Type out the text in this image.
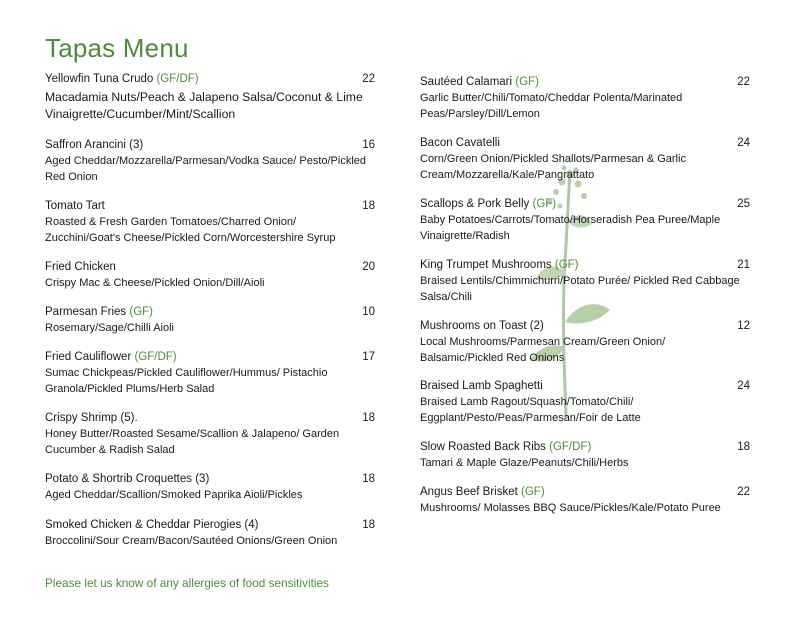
Tapas Menu
Yellowfin Tuna Crudo (GF/DF)	22
Macadamia Nuts/Peach & Jalapeno Salsa/Coconut & Lime Vinaigrette/Cucumber/Mint/Scallion
Saffron Arancini (3)	16
Aged Cheddar/Mozzarella/Parmesan/Vodka Sauce/ Pesto/Pickled Red Onion
Tomato Tart	18
Roasted & Fresh Garden Tomatoes/Charred Onion/ Zucchini/Goat's Cheese/Pickled Corn/Worcestershire Syrup
Fried Chicken	20
Crispy Mac & Cheese/Pickled Onion/Dill/Aioli
Parmesan Fries (GF)	10
Rosemary/Sage/Chilli Aioli
Fried Cauliflower (GF/DF)	17
Sumac Chickpeas/Pickled Cauliflower/Hummus/ Pistachio Granola/Pickled Plums/Herb Salad
Crispy Shrimp (5).	18
Honey Butter/Roasted Sesame/Scallion & Jalapeno/ Garden Cucumber & Radish Salad
Potato & Shortrib Croquettes (3)	18
Aged Cheddar/Scallion/Smoked Paprika Aioli/Pickles
Smoked Chicken & Cheddar Pierogies (4)	18
Broccolini/Sour Cream/Bacon/Sautéed Onions/Green Onion
Sautéed Calamari (GF)	22
Garlic Butter/Chili/Tomato/Cheddar Polenta/Marinated Peas/Parsley/Dill/Lemon
Bacon Cavatelli	24
Corn/Green Onion/Pickled Shallots/Parmesan & Garlic Cream/Mozzarella/Kale/Pangrattato
Scallops & Pork Belly (GF)	25
Baby Potatoes/Carrots/Tomato/Horseradish Pea Puree/Maple Vinaigrette/Radish
King Trumpet Mushrooms (GF)	21
Braised Lentils/Chimmichurri/Potato Purée/ Pickled Red Cabbage Salsa/Chili
Mushrooms on Toast (2)	12
Local Mushrooms/Parmesan Cream/Green Onion/ Balsamic/Pickled Red Onions
Braised Lamb Spaghetti	24
Braised Lamb Ragout/Squash/Tomato/Chili/ Eggplant/Pesto/Peas/Parmesan/Foir de Latte
Slow Roasted Back Ribs (GF/DF)	18
Tamari & Maple Glaze/Peanuts/Chili/Herbs
Angus Beef Brisket (GF)	22
Mushrooms/ Molasses BBQ Sauce/Pickles/Kale/Potato Puree
Please let us know of any allergies of food sensitivities
